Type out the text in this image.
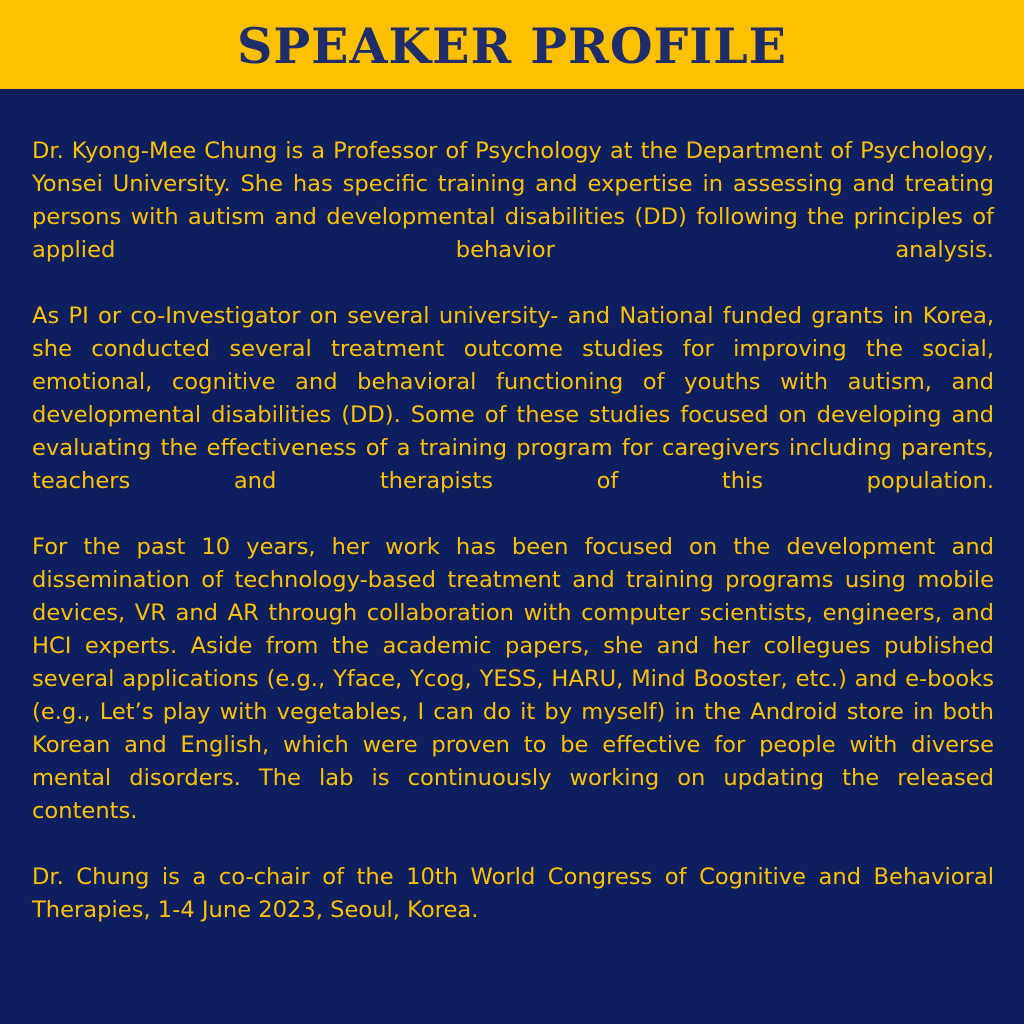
SPEAKER PROFILE

Dr. Kyong-Mee Chung is a Professor of Psychology at the Department of Psychology, Yonsei University. She has specific training and expertise in assessing and treating persons with autism and developmental disabilities (DD) following the principles of applied behavior analysis.

As PI or co-Investigator on several university- and National funded grants in Korea, she conducted several treatment outcome studies for improving the social, emotional, cognitive and behavioral functioning of youths with autism, and developmental disabilities (DD). Some of these studies focused on developing and evaluating the effectiveness of a training program for caregivers including parents, teachers and therapists of this population.

For the past 10 years, her work has been focused on the development and dissemination of technology-based treatment and training programs using mobile devices, VR and AR through collaboration with computer scientists, engineers, and HCI experts. Aside from the academic papers, she and her collegues published several applications (e.g., Yface, Ycog, YESS, HARU, Mind Booster, etc.) and e-books (e.g., Let’s play with vegetables, I can do it by myself) in the Android store in both Korean and English, which were proven to be effective for people with diverse mental disorders. The lab is continuously working on updating the released contents.

Dr. Chung is a co-chair of the 10th World Congress of Cognitive and Behavioral Therapies, 1-4 June 2023, Seoul, Korea.
